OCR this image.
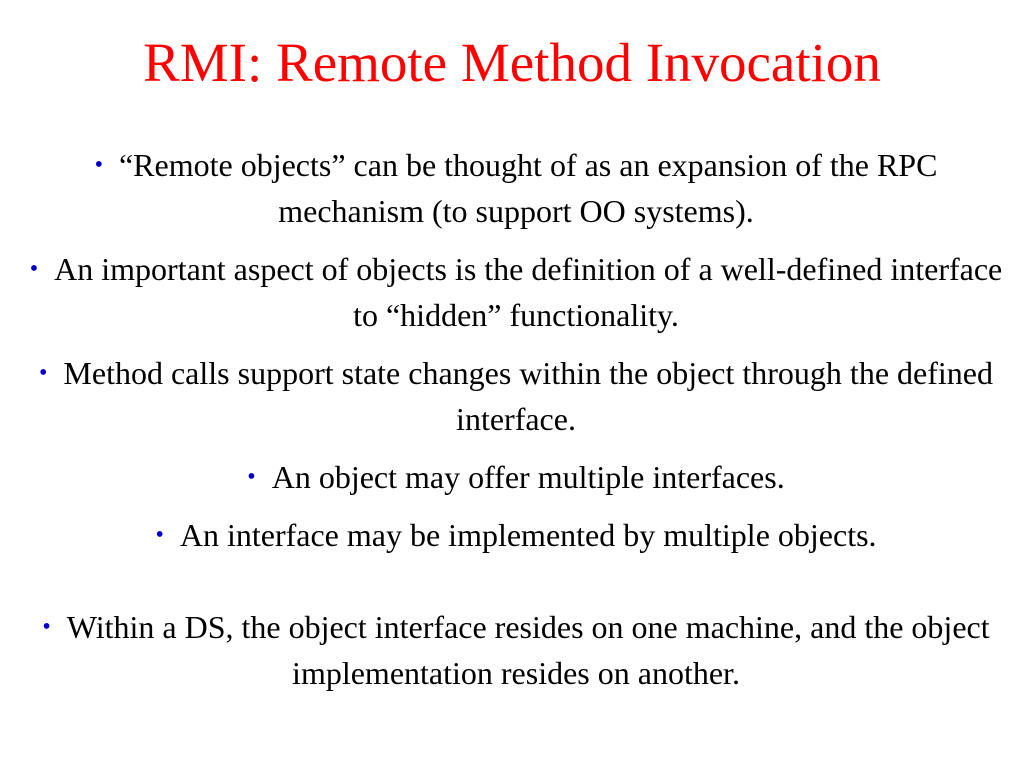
RMI: Remote Method Invocation
• “Remote objects” can be thought of as an expansion of the RPC mechanism (to support OO systems).
• An important aspect of objects is the definition of a well-defined interface to “hidden” functionality.
• Method calls support state changes within the object through the defined interface.
• An object may offer multiple interfaces.
• An interface may be implemented by multiple objects.
• Within a DS, the object interface resides on one machine, and the object implementation resides on another.
